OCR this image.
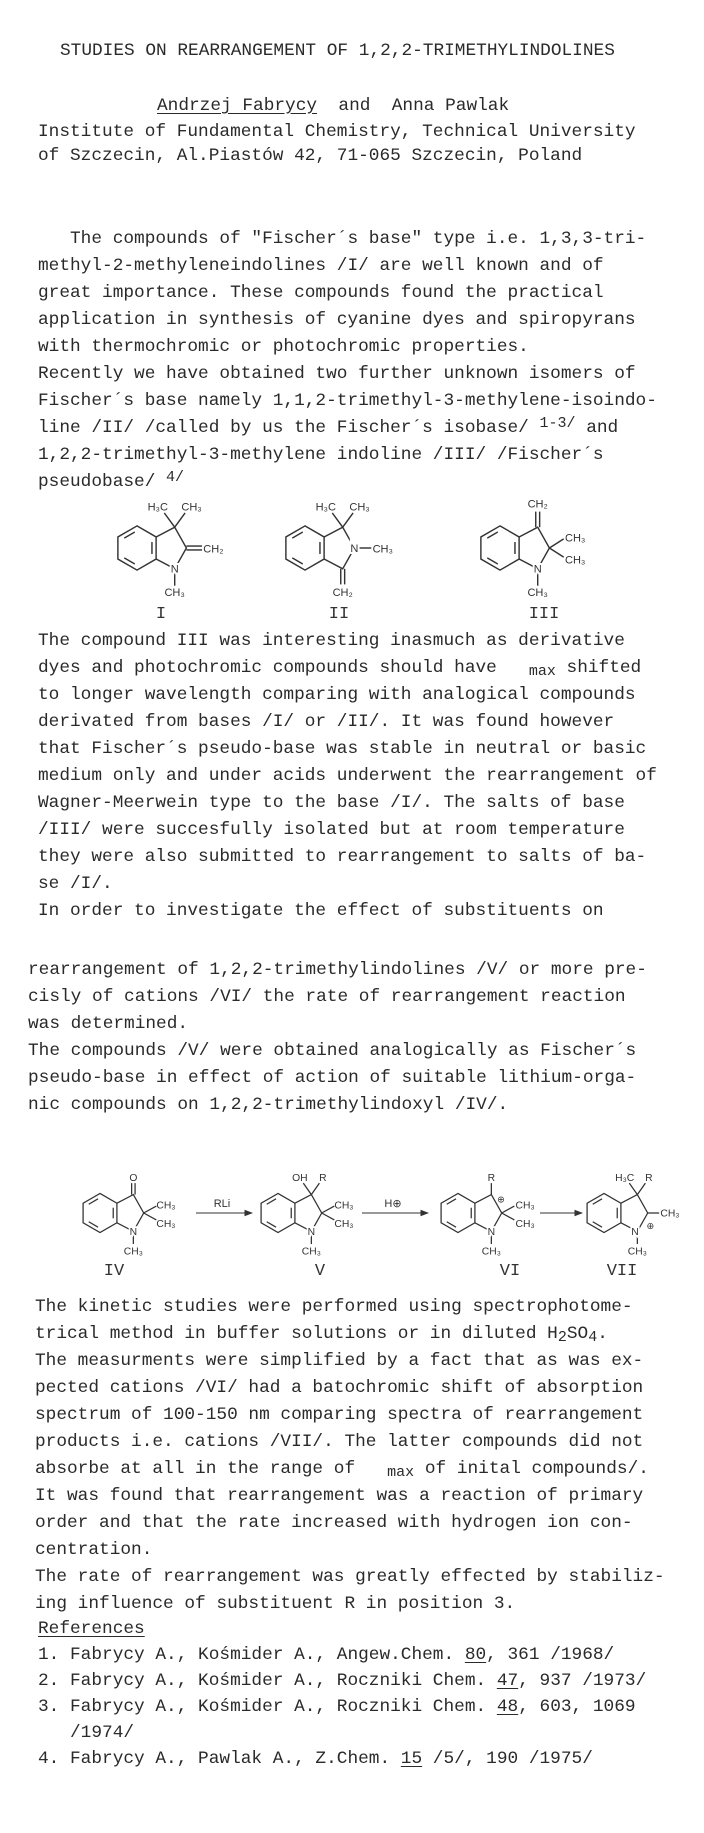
STUDIES ON REARRANGEMENT OF 1,2,2-TRIMETHYLINDOLINES
Andrzej Fabrycy  and  Anna Pawlak
Institute of Fundamental Chemistry, Technical University
of Szczecin, Al.Piastów 42, 71-065 Szczecin, Poland
The compounds of "Fischer´s base" type i.e. 1,3,3-tri-
methyl-2-methyleneindolines /I/ are well known and of
great importance. These compounds found the practical
application in synthesis of cyanine dyes and spiropyrans
with thermochromic or photochromic properties.
Recently we have obtained two further unknown isomers of
Fischer´s base namely 1,1,2-trimethyl-3-methylene-isoindo-
line /II/ /called by us the Fischer´s isobase/ 1-3/ and
1,2,2-trimethyl-3-methylene indoline /III/ /Fischer´s
pseudobase/ 4/
H₃C CH₃
CH₂
CH₃
N
I
H₃C CH₃
CH₃
CH₂
N
II
CH₂
CH₃
CH₃
CH₃
N
III
The compound III was interesting inasmuch as derivative
dyes and photochromic compounds should have   max shifted
to longer wavelength comparing with analogical compounds
derivated from bases /I/ or /II/. It was found however
that Fischer´s pseudo-base was stable in neutral or basic
medium only and under acids underwent the rearrangement of
Wagner-Meerwein type to the base /I/. The salts of base
/III/ were succesfully isolated but at room temperature
they were also submitted to rearrangement to salts of ba-
se /I/.
In order to investigate the effect of substituents on
rearrangement of 1,2,2-trimethylindolines /V/ or more pre-
cisly of cations /VI/ the rate of rearrangement reaction
was determined.
The compounds /V/ were obtained analogically as Fischer´s
pseudo-base in effect of action of suitable lithium-orga-
nic compounds on 1,2,2-trimethylindoxyl /IV/.
O
CH₃
CH₃
CH₃
N
RLi
OH R
CH₃
CH₃
CH₃
N
H⊕
R
⊕
CH₃
CH₃
CH₃
N
H₃C R
CH₃
⊕
CH₃
N
IV	V	VI	VII
The kinetic studies were performed using spectrophotome-
trical method in buffer solutions or in diluted H2SO4.
The measurments were simplified by a fact that as was ex-
pected cations /VI/ had a batochromic shift of absorption
spectrum of 100-150 nm comparing spectra of rearrangement
products i.e. cations /VII/. The latter compounds did not
absorbe at all in the range of   max of inital compounds/.
It was found that rearrangement was a reaction of primary
order and that the rate increased with hydrogen ion con-
centration.
The rate of rearrangement was greatly effected by stabiliz-
ing influence of substituent R in position 3.
References
1. Fabrycy A., Kośmider A., Angew.Chem. 80, 361 /1968/
2. Fabrycy A., Kośmider A., Roczniki Chem. 47, 937 /1973/
3. Fabrycy A., Kośmider A., Roczniki Chem. 48, 603, 1069
/1974/
4. Fabrycy A., Pawlak A., Z.Chem. 15 /5/, 190 /1975/
